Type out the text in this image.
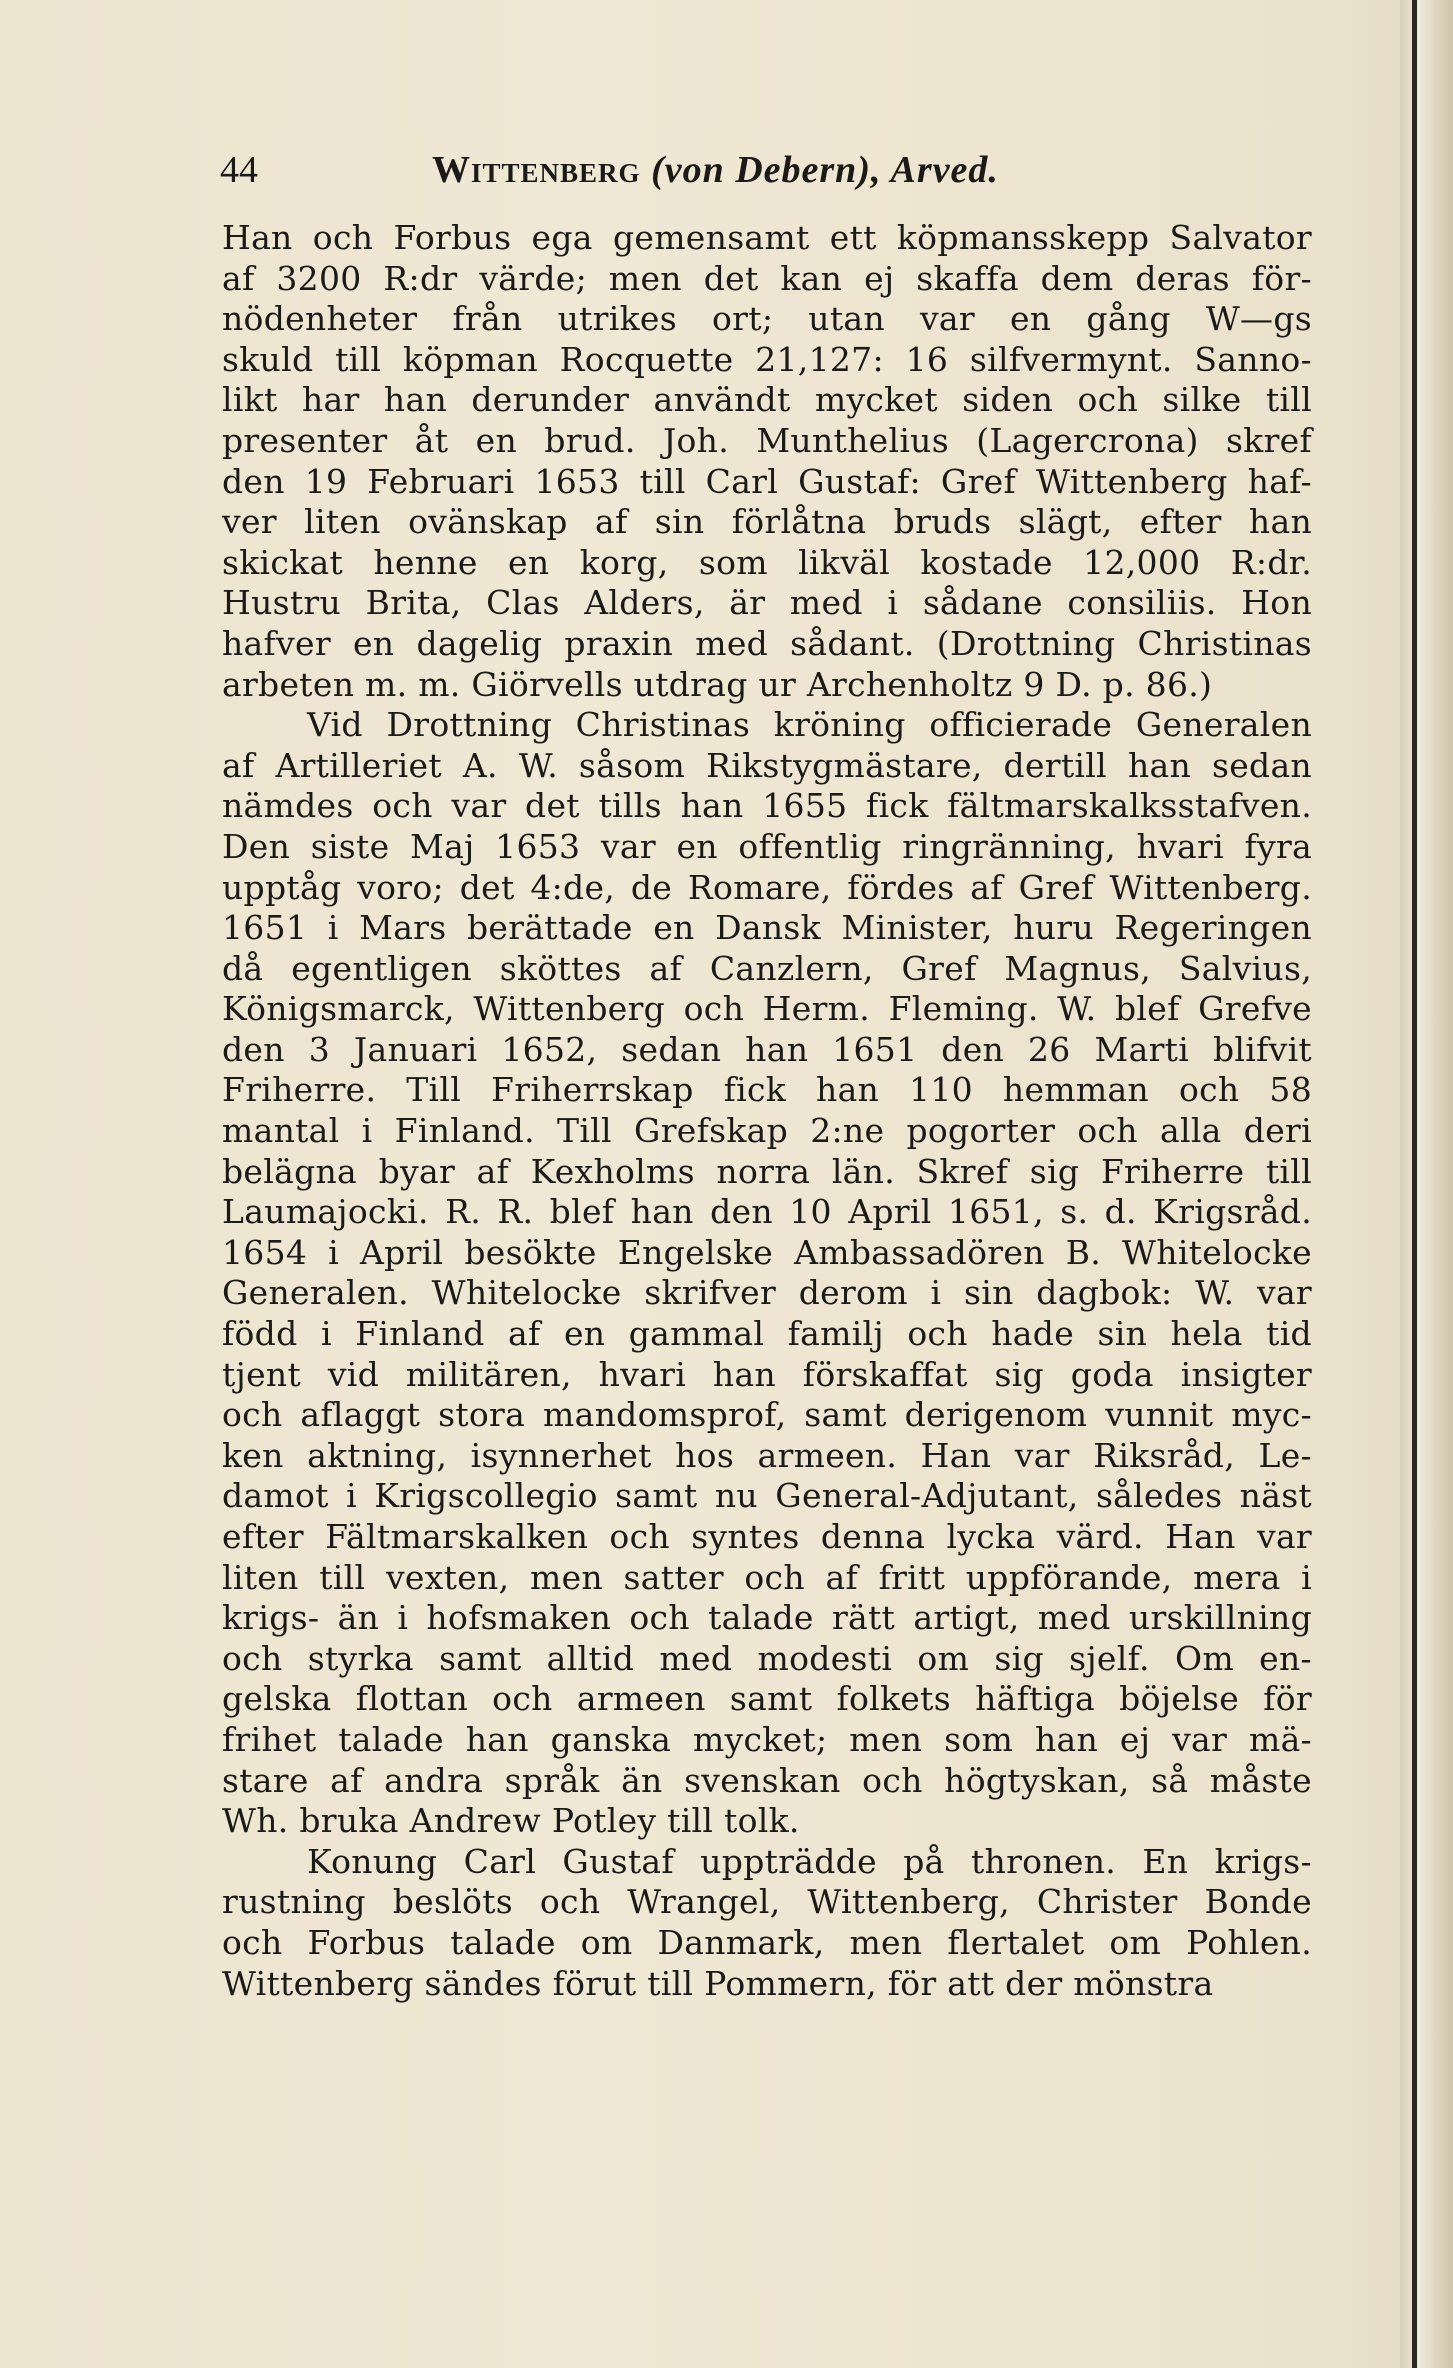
44	Wittenberg (von Debern), Arved.
Han och Forbus ega gemensamt ett köpmansskepp Salvator
af 3200 R:dr värde; men det kan ej skaffa dem deras för-
nödenheter från utrikes ort; utan var en gång W—gs
skuld till köpman Rocquette 21,127: 16 silfvermynt. Sanno-
likt har han derunder användt mycket siden och silke till
presenter åt en brud. Joh. Munthelius (Lagercrona) skref
den 19 Februari 1653 till Carl Gustaf: Gref Wittenberg haf-
ver liten ovänskap af sin förlåtna bruds slägt, efter han
skickat henne en korg, som likväl kostade 12,000 R:dr.
Hustru Brita, Clas Alders, är med i sådane consiliis. Hon
hafver en dagelig praxin med sådant. (Drottning Christinas
arbeten m. m. Giörvells utdrag ur Archenholtz 9 D. p. 86.)
Vid Drottning Christinas kröning officierade Generalen
af Artilleriet A. W. såsom Rikstygmästare, dertill han sedan
nämdes och var det tills han 1655 fick fältmarskalksstafven.
Den siste Maj 1653 var en offentlig ringränning, hvari fyra
upptåg voro; det 4:de, de Romare, fördes af Gref Wittenberg.
1651 i Mars berättade en Dansk Minister, huru Regeringen
då egentligen sköttes af Canzlern, Gref Magnus, Salvius,
Königsmarck, Wittenberg och Herm. Fleming. W. blef Grefve
den 3 Januari 1652, sedan han 1651 den 26 Marti blifvit
Friherre. Till Friherrskap fick han 110 hemman och 58
mantal i Finland. Till Grefskap 2:ne pogorter och alla deri
belägna byar af Kexholms norra län. Skref sig Friherre till
Laumajocki. R. R. blef han den 10 April 1651, s. d. Krigsråd.
1654 i April besökte Engelske Ambassadören B. Whitelocke
Generalen. Whitelocke skrifver derom i sin dagbok: W. var
född i Finland af en gammal familj och hade sin hela tid
tjent vid militären, hvari han förskaffat sig goda insigter
och aflaggt stora mandomsprof, samt derigenom vunnit myc-
ken aktning, isynnerhet hos armeen. Han var Riksråd, Le-
damot i Krigscollegio samt nu General-Adjutant, således näst
efter Fältmarskalken och syntes denna lycka värd. Han var
liten till vexten, men satter och af fritt uppförande, mera i
krigs- än i hofsmaken och talade rätt artigt, med urskillning
och styrka samt alltid med modesti om sig sjelf. Om en-
gelska flottan och armeen samt folkets häftiga böjelse för
frihet talade han ganska mycket; men som han ej var mä-
stare af andra språk än svenskan och högtyskan, så måste
Wh. bruka Andrew Potley till tolk.
Konung Carl Gustaf uppträdde på thronen. En krigs-
rustning beslöts och Wrangel, Wittenberg, Christer Bonde
och Forbus talade om Danmark, men flertalet om Pohlen.
Wittenberg sändes förut till Pommern, för att der mönstra
